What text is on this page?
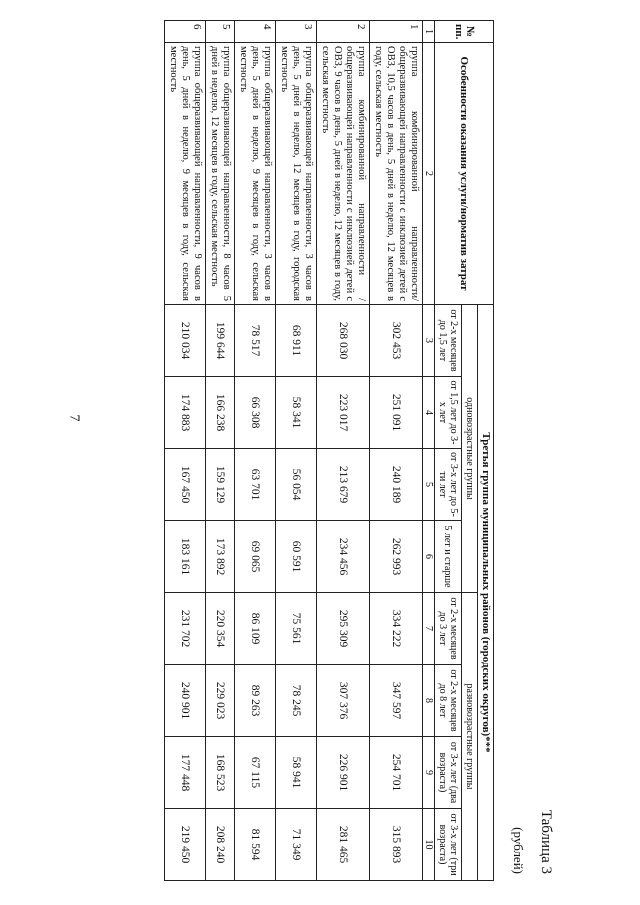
7
Таблица 3
(рублей)
№ пп.	Особенности оказания услуги/норматив затрат	Третья группа муниципальных районов (городских округов)***							
		одновозрастные группы				разновозрастные группы			
		от 2-х месяцев до 1,5 лет	от 1,5 лет до 3-х лет	от 3-х лет до 5-ти лет	5 лет и старше	от 2-х месяцев до 3 лет	от 2-х месяцев до 8 лет	от 3-х лет (два возраста)	от 3-х лет (три возраста)
1	2	3	4	5	6	7	8	9	10
1	группа комбинированной направленности/ общеразвивающей направленности с инклюзией детей с ОВЗ, 10,5 часов в день, 5 дней в неделю, 12 месяцев в году, сельская местность	302 453	251 091	240 189	262 993	334 222	347 597	254 701	315 893
2	группа комбинированной направленности / общеразвивающей направленности с инклюзией детей с ОВЗ, 9 часов в день, 5 дней в неделю, 12 месяцев в году, сельская местность	268 030	223 017	213 679	234 456	295 309	307 376	226 901	281 465
3	группа общеразвивающей направленности, 3 часов в день, 5 дней в неделю, 12 месяцев в году, городская местность	68 911	58 341	56 054	60 591	75 561	78 245	58 941	71 349
4	группа общеразвивающей направленности, 3 часов в день, 5 дней в неделю, 9 месяцев в году, сельская местность	78 517	66 308	63 701	69 065	86 109	89 263	67 115	81 594
5	группа общеразвивающей направленности, 8 часов 5 дней в неделю, 12 месяцев в году, сельская местность	199 644	166 238	159 129	173 892	220 354	229 023	168 523	208 240
6	группа общеразвивающей направленности, 9 часов в день, 5 дней в неделю, 9 месяцев в году, сельская местность	210 034	174 883	167 450	183 161	231 702	240 901	177 448	219 450
